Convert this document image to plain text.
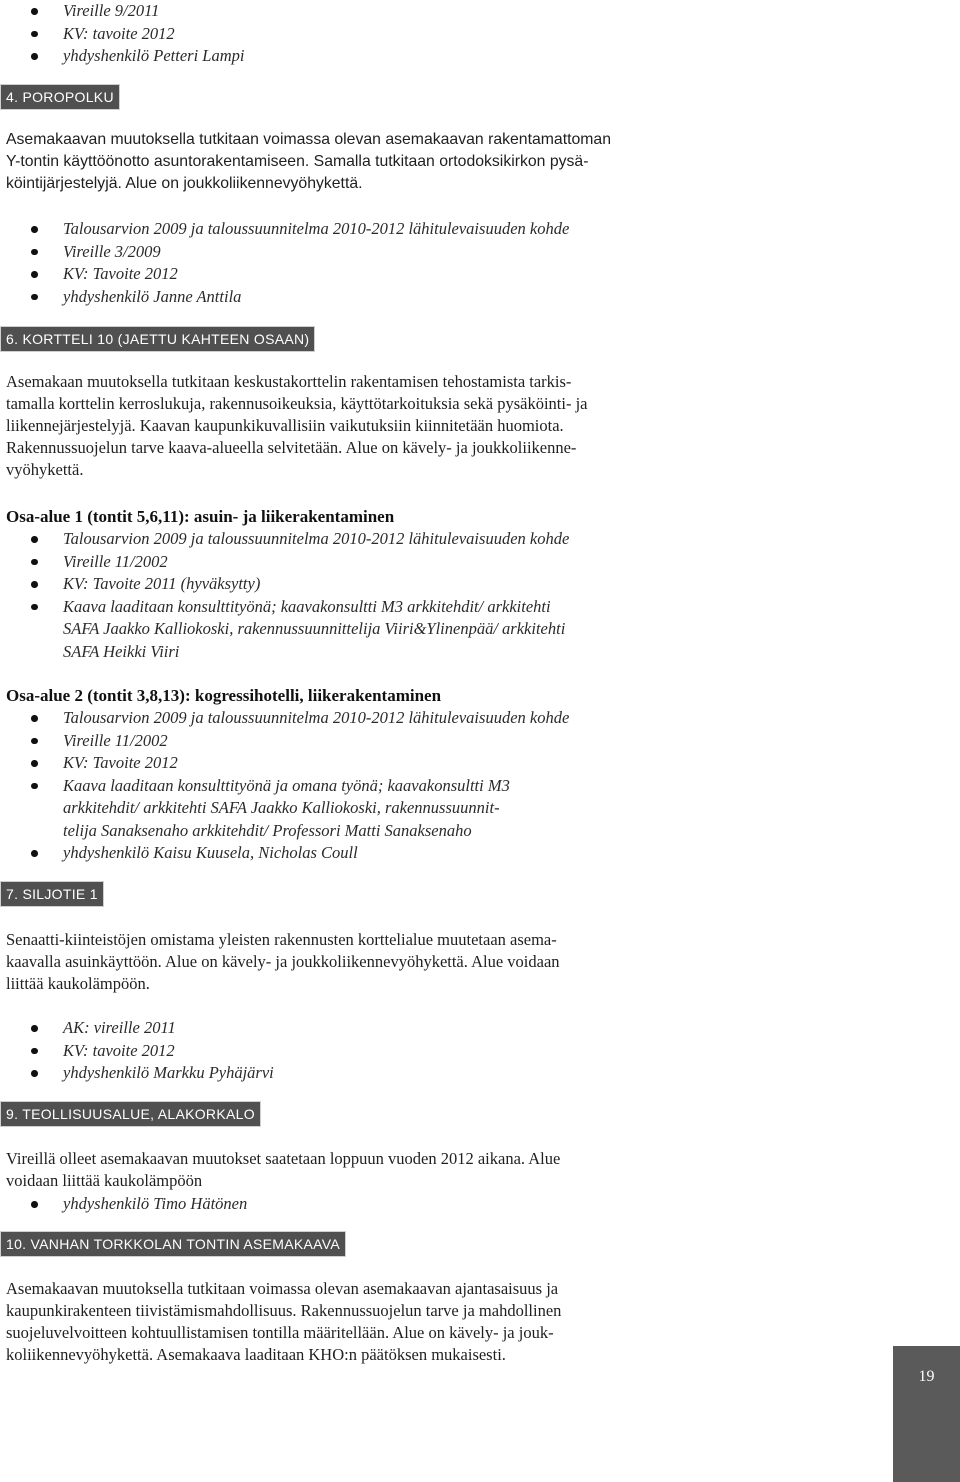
Vireille 9/2011
KV: tavoite 2012
yhdyshenkilö Petteri Lampi
4. POROPOLKU
Asemakaavan muutoksella tutkitaan voimassa olevan asemakaavan rakentamattoman
Y-tontin käyttöönotto asuntorakentamiseen. Samalla tutkitaan ortodoksikirkon pysä-
köintijärjestelyjä. Alue on joukkoliikennevyöhykettä.
Talousarvion 2009 ja taloussuunnitelma 2010-2012 lähitulevaisuuden kohde
Vireille 3/2009
KV: Tavoite 2012
yhdyshenkilö Janne Anttila
6. KORTTELI 10 (JAETTU KAHTEEN OSAAN)
Asemakaan muutoksella tutkitaan keskustakorttelin rakentamisen tehostamista tarkis-
tamalla korttelin kerroslukuja, rakennusoikeuksia, käyttötarkoituksia sekä pysäköinti- ja
liikennejärjestelyjä. Kaavan kaupunkikuvallisiin vaikutuksiin kiinnitetään huomiota.
Rakennussuojelun tarve kaava-alueella selvitetään. Alue on kävely- ja joukkoliikenne-
vyöhykettä.
Osa-alue 1 (tontit 5,6,11): asuin- ja liikerakentaminen
Talousarvion 2009 ja taloussuunnitelma 2010-2012 lähitulevaisuuden kohde
Vireille 11/2002
KV: Tavoite 2011 (hyväksytty)
Kaava laaditaan konsulttityönä; kaavakonsultti M3 arkkitehdit/ arkkitehti
SAFA Jaakko Kalliokoski, rakennussuunnittelija Viiri&Ylinenpää/ arkkitehti
SAFA Heikki Viiri
Osa-alue 2 (tontit 3,8,13): kogressihotelli, liikerakentaminen
Talousarvion 2009 ja taloussuunnitelma 2010-2012 lähitulevaisuuden kohde
Vireille 11/2002
KV: Tavoite 2012
Kaava laaditaan konsulttityönä ja omana työnä; kaavakonsultti M3
arkkitehdit/ arkkitehti SAFA Jaakko Kalliokoski, rakennussuunnit-
telija Sanaksenaho arkkitehdit/ Professori Matti Sanaksenaho
yhdyshenkilö Kaisu Kuusela, Nicholas Coull
7. SILJOTIE 1
Senaatti-kiinteistöjen omistama yleisten rakennusten korttelialue muutetaan asema-
kaavalla asuinkäyttöön. Alue on kävely- ja joukkoliikennevyöhykettä. Alue voidaan
liittää kaukolämpöön.
AK: vireille 2011
KV: tavoite 2012
yhdyshenkilö Markku Pyhäjärvi
9. TEOLLISUUSALUE, ALAKORKALO
Vireillä olleet asemakaavan muutokset saatetaan loppuun vuoden 2012 aikana. Alue
voidaan liittää kaukolämpöön
yhdyshenkilö Timo Hätönen
10. VANHAN TORKKOLAN TONTIN ASEMAKAAVA
Asemakaavan muutoksella tutkitaan voimassa olevan asemakaavan ajantasaisuus ja
kaupunkirakenteen tiivistämismahdollisuus. Rakennussuojelun tarve ja mahdollinen
suojeluvelvoitteen kohtuullistamisen tontilla määritellään. Alue on kävely- ja jouk-
koliikennevyöhykettä. Asemakaava laaditaan KHO:n päätöksen mukaisesti.
19
